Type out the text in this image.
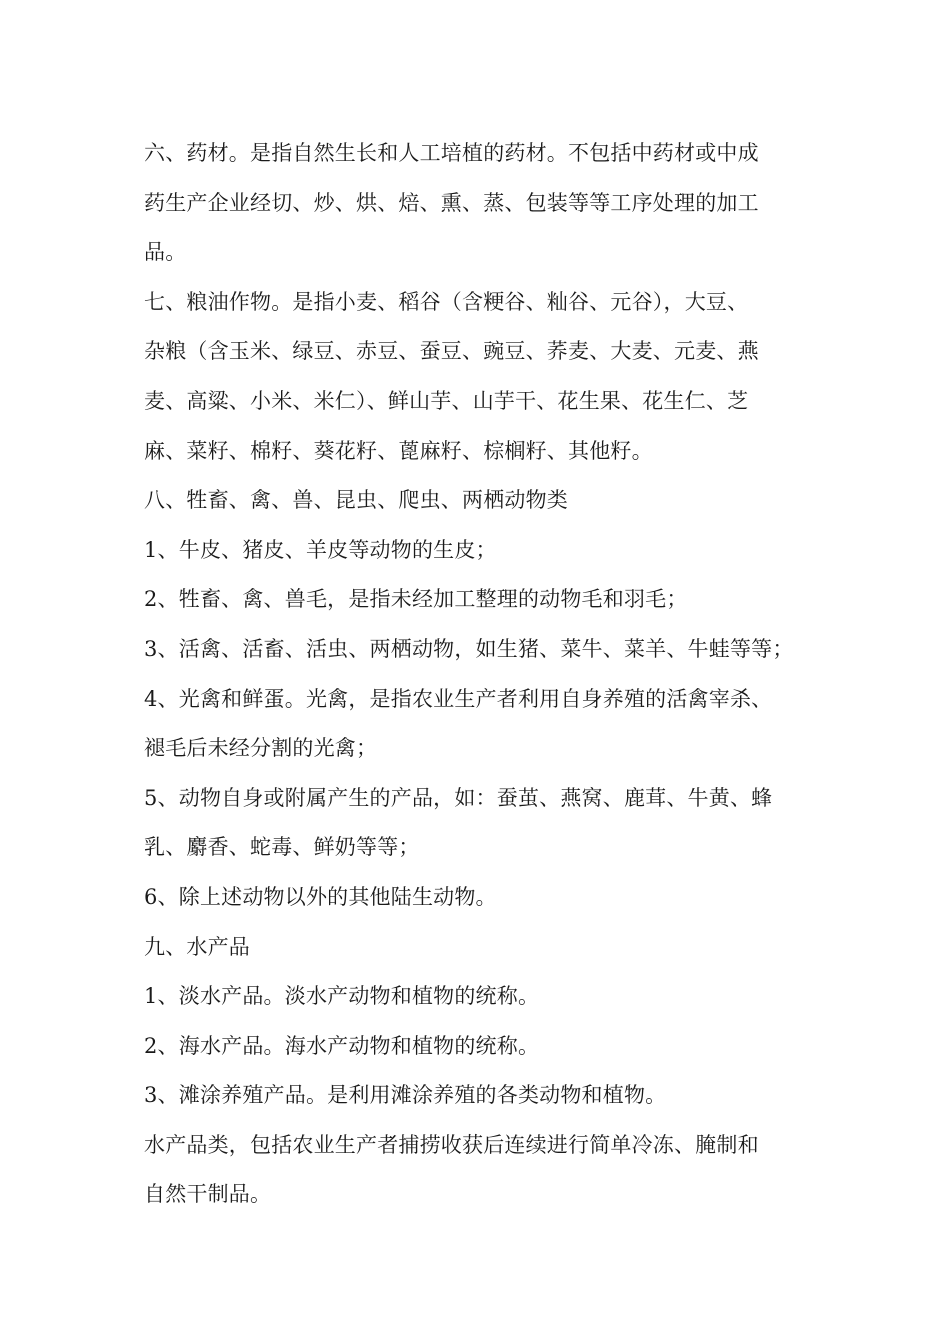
六、药材。是指自然生长和人工培植的药材。不包括中药材或中成
药生产企业经切、炒、烘、焙、熏、蒸、包装等等工序处理的加工
品。
七、粮油作物。是指小麦、稻谷（含粳谷、籼谷、元谷），大豆、
杂粮（含玉米、绿豆、赤豆、蚕豆、豌豆、荞麦、大麦、元麦、燕
麦、高粱、小米、米仁）、鲜山芋、山芋干、花生果、花生仁、芝
麻、菜籽、棉籽、葵花籽、蓖麻籽、棕榈籽、其他籽。
八、牲畜、禽、兽、昆虫、爬虫、两栖动物类
1、牛皮、猪皮、羊皮等动物的生皮；
2、牲畜、禽、兽毛，是指未经加工整理的动物毛和羽毛；
3、活禽、活畜、活虫、两栖动物，如生猪、菜牛、菜羊、牛蛙等等；
4、光禽和鲜蛋。光禽，是指农业生产者利用自身养殖的活禽宰杀、
褪毛后未经分割的光禽；
5、动物自身或附属产生的产品，如：蚕茧、燕窝、鹿茸、牛黄、蜂
乳、麝香、蛇毒、鲜奶等等；
6、除上述动物以外的其他陆生动物。
九、水产品
1、淡水产品。淡水产动物和植物的统称。
2、海水产品。海水产动物和植物的统称。
3、滩涂养殖产品。是利用滩涂养殖的各类动物和植物。
水产品类，包括农业生产者捕捞收获后连续进行简单冷冻、腌制和
自然干制品。
